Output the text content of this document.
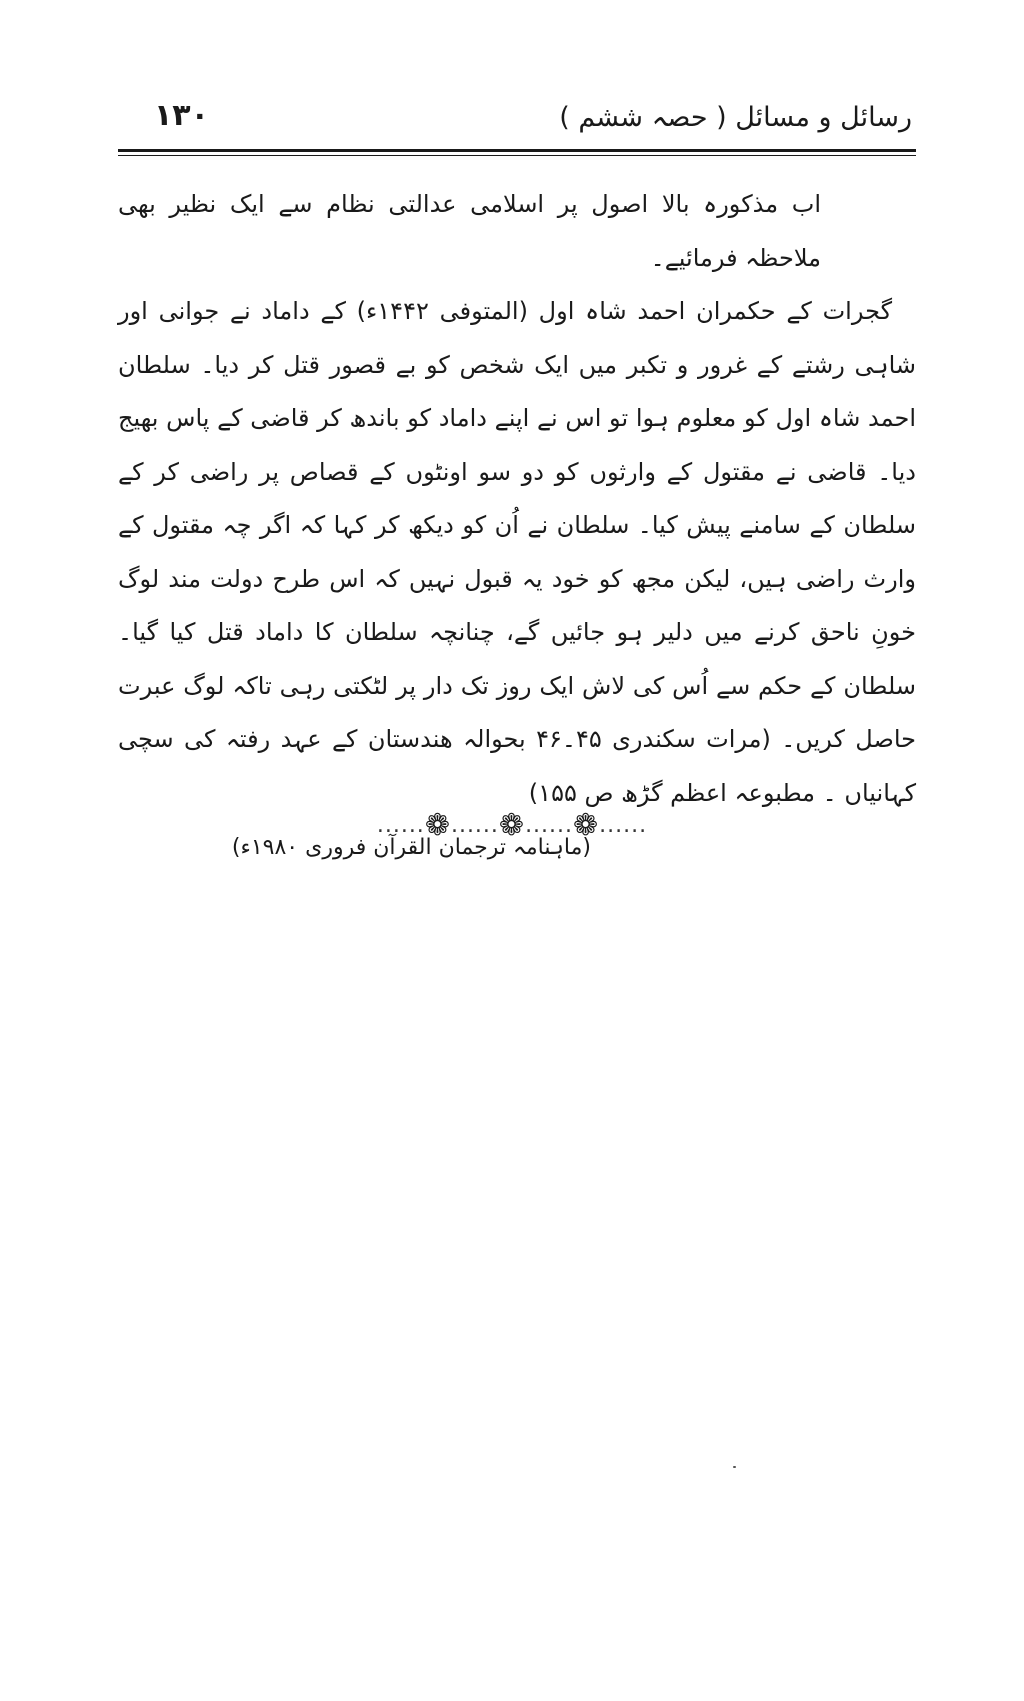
رسائل و مسائل ( حصہ ششم )
۱۳۰

اب مذکورہ بالا اصول پر اسلامی عدالتی نظام سے ایک نظیر بھی ملاحظہ فرمائیے۔

گجرات کے حکمران احمد شاہ اول (المتوفی ۱۴۴۲ء) کے داماد نے جوانی اور شاہی رشتے کے غرور و تکبر میں ایک شخص کو بے قصور قتل کر دیا۔ سلطان احمد شاہ اول کو معلوم ہوا تو اس نے اپنے داماد کو باندھ کر قاضی کے پاس بھیج دیا۔ قاضی نے مقتول کے وارثوں کو دو سو اونٹوں کے قصاص پر راضی کر کے سلطان کے سامنے پیش کیا۔ سلطان نے اُن کو دیکھ کر کہا کہ اگر چہ مقتول کے وارث راضی ہیں، لیکن مجھ کو خود یہ قبول نہیں کہ اس طرح دولت مند لوگ خونِ ناحق کرنے میں دلیر ہو جائیں گے، چنانچہ سلطان کا داماد قتل کیا گیا۔ سلطان کے حکم سے اُس کی لاش ایک روز تک دار پر لٹکتی رہی تاکہ لوگ عبرت حاصل کریں۔ (مرات سکندری ۴۵۔۴۶ بحوالہ ھندستان کے عہد رفتہ کی سچی کہانیاں ۔ مطبوعہ اعظم گڑھ ص ۱۵۵)

(ماہنامہ ترجمان القرآن فروری ۱۹۸۰ء)

......❁......❁......❁......
